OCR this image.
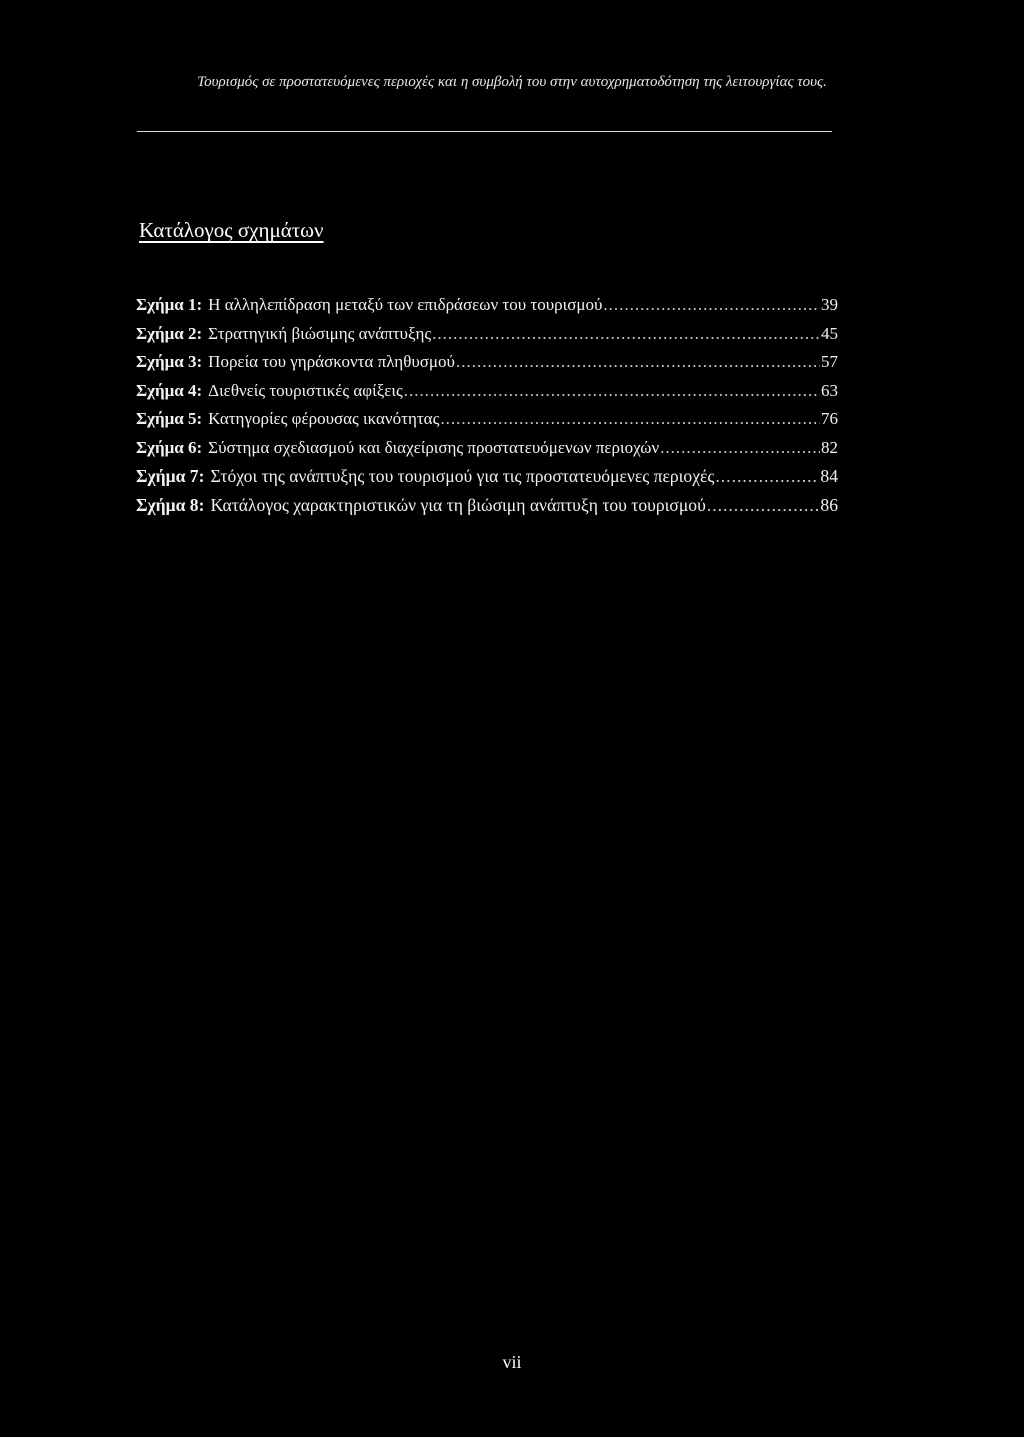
Τουρισμός σε προστατευόμενες περιοχές και η συμβολή του στην αυτοχρηματοδότηση της λειτουργίας τους.
Κατάλογος σχημάτων
Σχήμα 1: Η αλληλεπίδραση μεταξύ των επιδράσεων του τουρισμού .....	39
Σχήμα 2: Στρατηγική βιώσιμης ανάπτυξης .....	45
Σχήμα 3: Πορεία του γηράσκοντα πληθυσμού .....	57
Σχήμα 4: Διεθνείς τουριστικές αφίξεις .....	63
Σχήμα 5: Κατηγορίες φέρουσας ικανότητας .....	76
Σχήμα 6: Σύστημα σχεδιασμού και διαχείρισης προστατευόμενων περιοχών .....	82
Σχήμα 7: Στόχοι της ανάπτυξης του τουρισμού για τις προστατευόμενες περιοχές .....	84
Σχήμα 8: Κατάλογος χαρακτηριστικών για τη βιώσιμη ανάπτυξη του τουρισμού .....	86
vii
